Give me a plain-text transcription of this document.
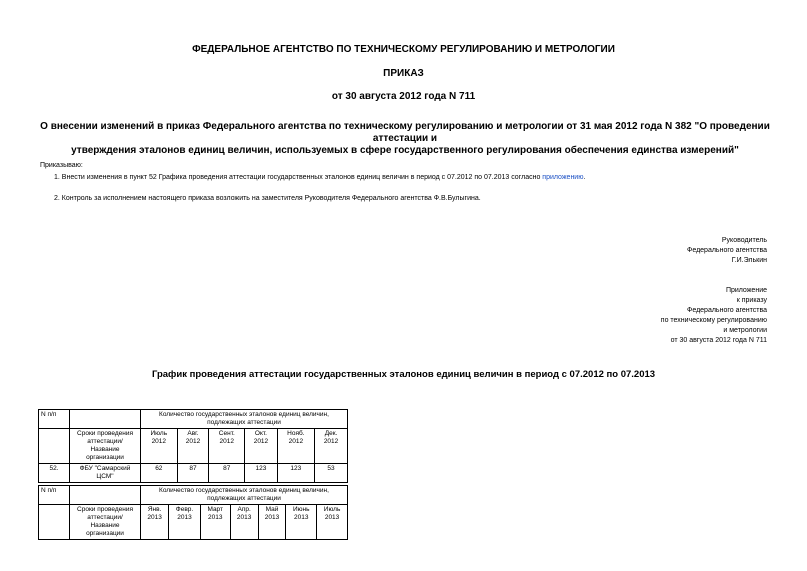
ФЕДЕРАЛЬНОЕ АГЕНТСТВО ПО ТЕХНИЧЕСКОМУ РЕГУЛИРОВАНИЮ И МЕТРОЛОГИИ
ПРИКАЗ
от 30 августа 2012 года N 711
О внесении изменений в приказ Федерального агентства по техническому регулированию и метрологии от 31 мая 2012 года N 382 "О проведении аттестации и
утверждения эталонов единиц величин, используемых в сфере государственного регулирования обеспечения единства измерений"
Приказываю:
1. Внести изменения в пункт 52 Графика проведения аттестации государственных эталонов единиц величин в период с 07.2012 по 07.2013 согласно приложению.
2. Контроль за исполнением настоящего приказа возложить на заместителя Руководителя Федерального агентства Ф.В.Булыгина.
Руководитель
Федерального агентства
Г.И.Элькин
Приложение
к приказу
Федерального агентства
по техническому регулированию
и метрологии
от 30 августа 2012 года N 711
График проведения аттестации государственных эталонов единиц величин в период с 07.2012 по 07.2013
N п/п		Количество государственных эталонов единиц величин, подлежащих аттестации					
	Сроки проведения аттестации/ Название организации	Июль 2012	Авг. 2012	Сент. 2012	Окт. 2012	Нояб. 2012	Дек. 2012
52.	ФБУ "Самарский ЦСМ"	62	87	87	123	123	53
N п/п		Количество государственных эталонов единиц величин, подлежащих аттестации						
	Сроки проведения аттестации/ Название организации	Янв. 2013	Февр. 2013	Март 2013	Апр. 2013	Май 2013	Июнь 2013	Июль 2013
